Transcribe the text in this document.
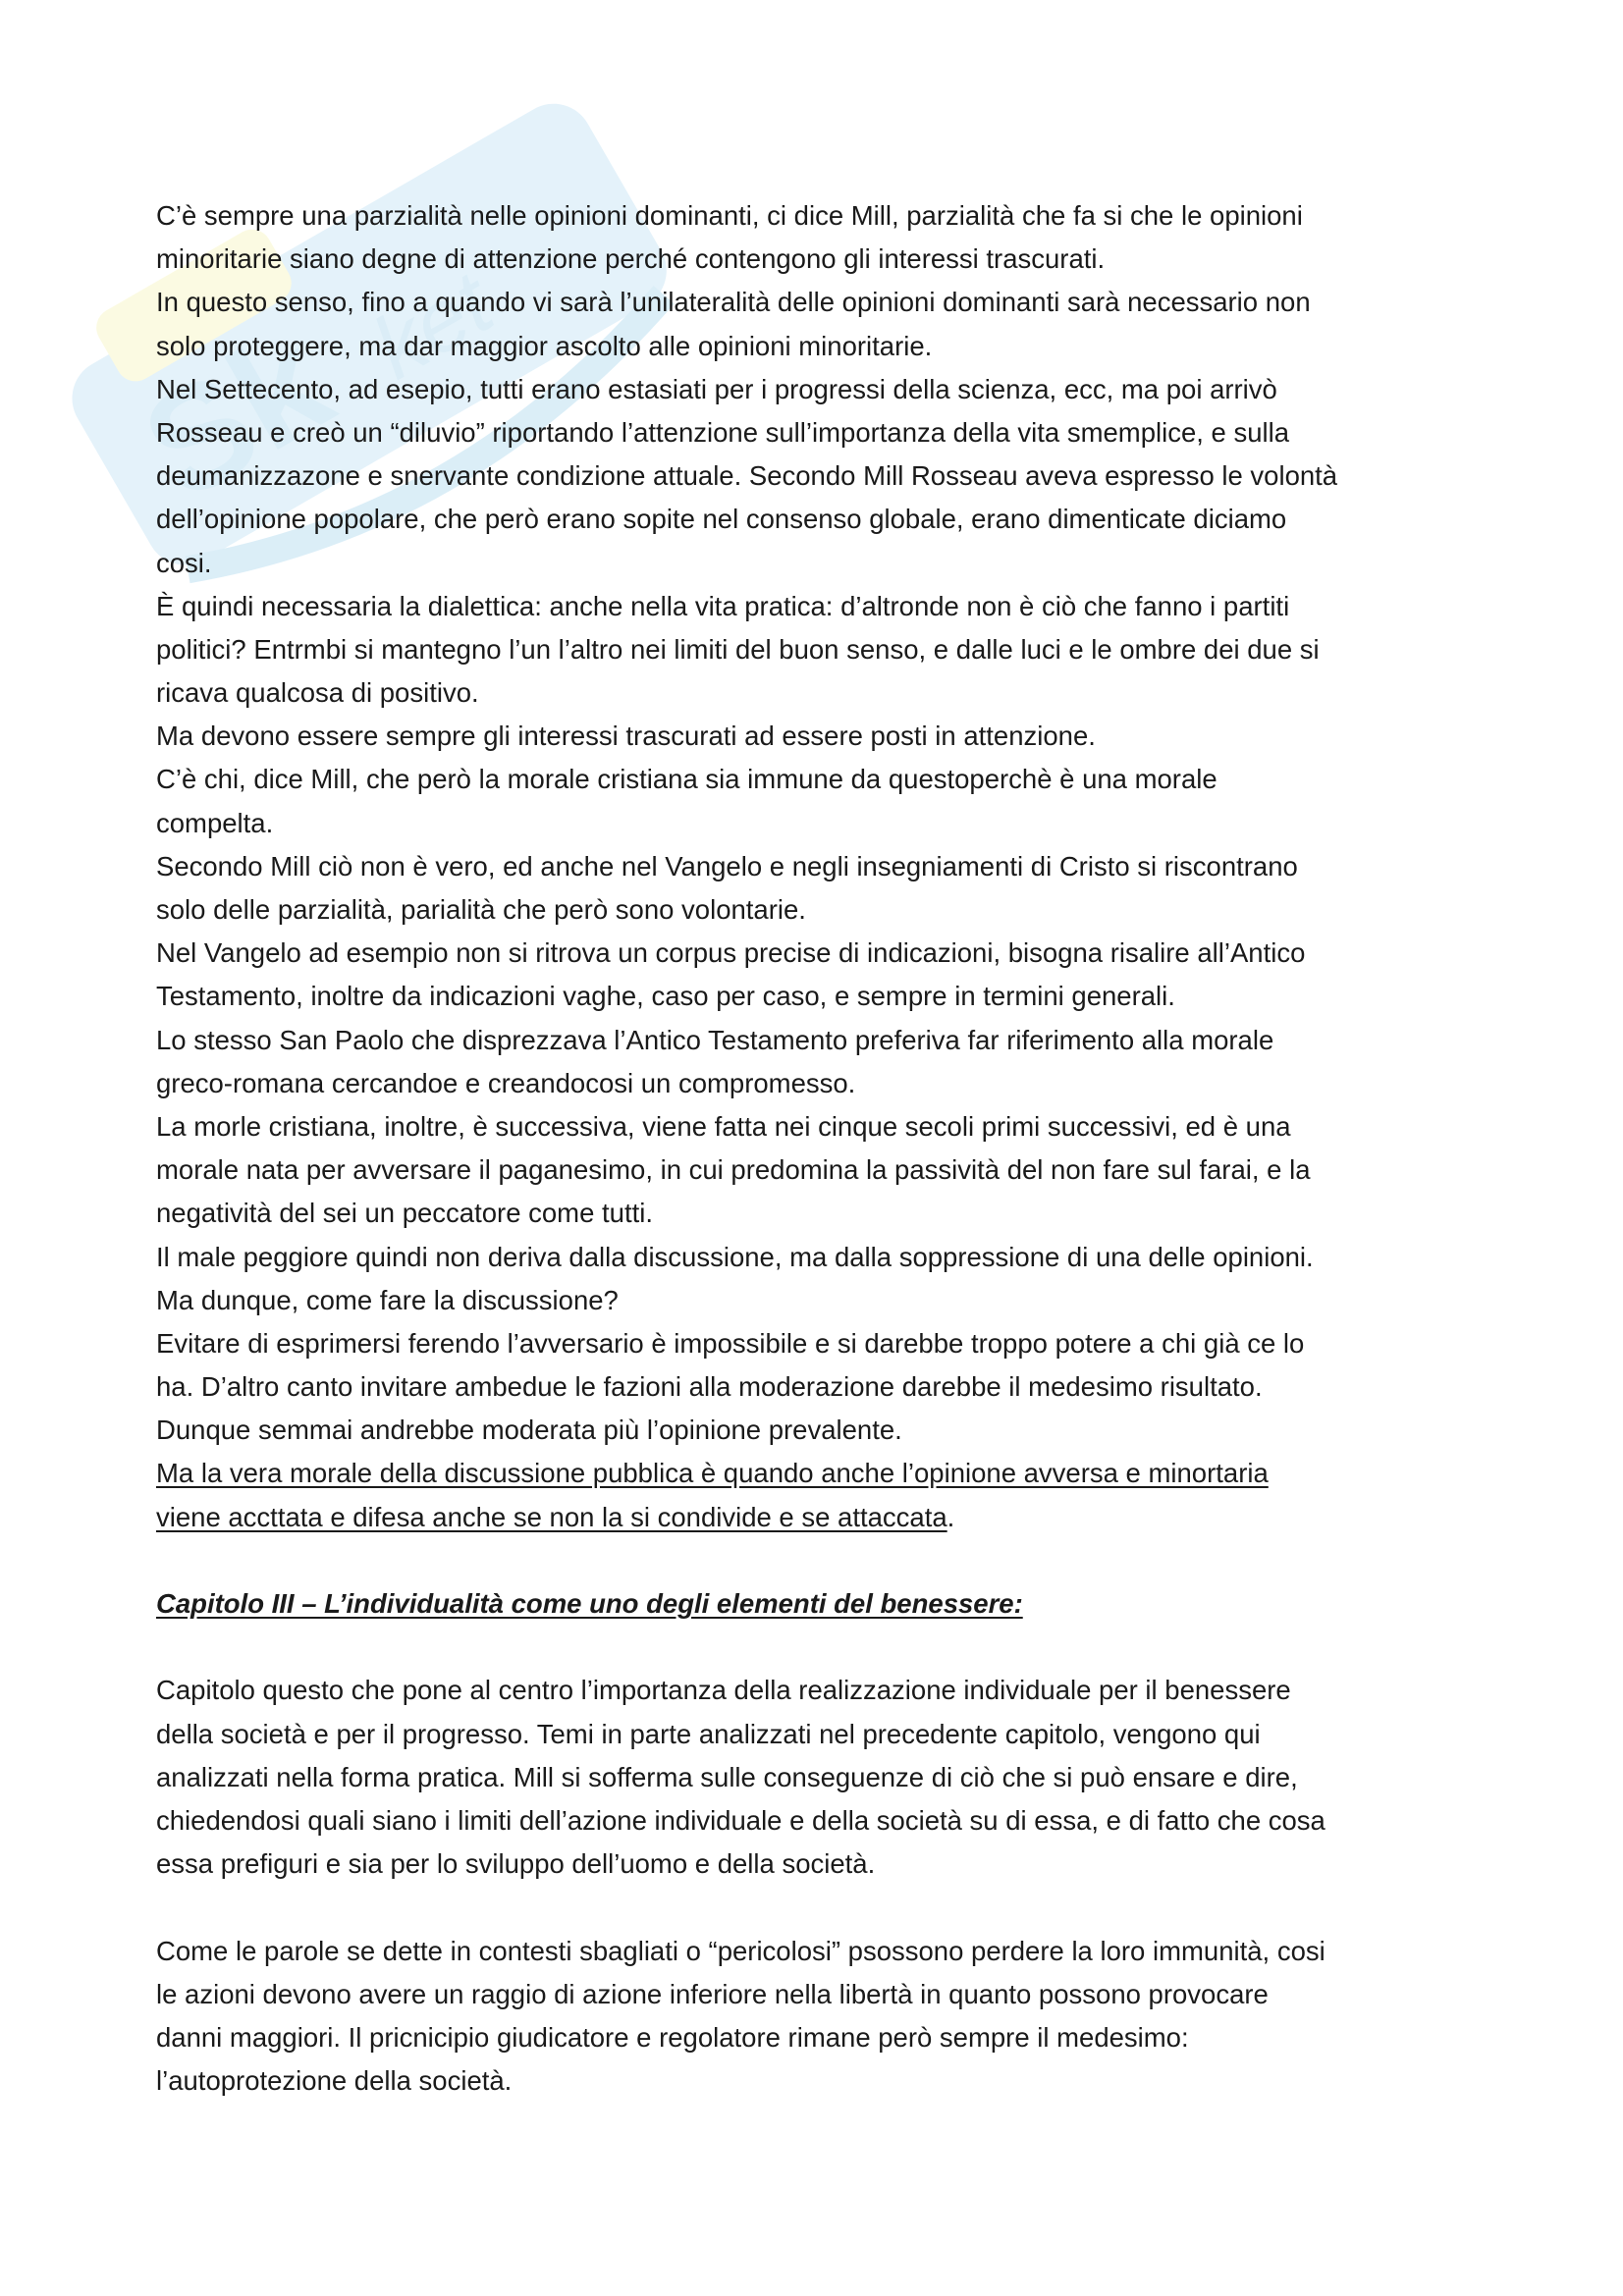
Sk ket
C’è sempre una parzialità nelle opinioni dominanti, ci dice Mill, parzialità che fa si che le opinioni
minoritarie siano degne di attenzione perché contengono gli interessi trascurati.
In questo senso, fino a quando vi sarà l’unilateralità delle opinioni dominanti sarà necessario non
solo proteggere, ma dar maggior ascolto alle opinioni minoritarie.
Nel Settecento, ad esepio, tutti erano estasiati per i progressi della scienza, ecc, ma poi arrivò
Rosseau e creò un “diluvio” riportando l’attenzione sull’importanza della vita smemplice, e sulla
deumanizzazone e snervante condizione attuale. Secondo Mill Rosseau aveva espresso le volontà
dell’opinione popolare, che però erano sopite nel consenso globale, erano dimenticate diciamo
cosi.
È quindi necessaria la dialettica: anche nella vita pratica: d’altronde non è ciò che fanno i partiti
politici? Entrmbi si mantegno l’un l’altro nei limiti del buon senso, e dalle luci e le ombre dei due si
ricava qualcosa di positivo.
Ma devono essere sempre gli interessi trascurati ad essere posti in attenzione.
C’è chi, dice Mill, che però la morale cristiana sia immune da questoperchè è una morale
compelta.
Secondo Mill ciò non è vero, ed anche nel Vangelo e negli insegniamenti di Cristo si riscontrano
solo delle parzialità, parialità che però sono volontarie.
Nel Vangelo ad esempio non si ritrova un corpus precise di indicazioni, bisogna risalire all’Antico
Testamento, inoltre da indicazioni vaghe, caso per caso, e sempre in termini generali.
Lo stesso San Paolo che disprezzava l’Antico Testamento preferiva far riferimento alla morale
greco-romana cercandoe e creandocosi un compromesso.
La morle cristiana, inoltre, è successiva, viene fatta nei cinque secoli primi successivi, ed è una
morale nata per avversare il paganesimo, in cui predomina la passività del non fare sul farai, e la
negatività del sei un peccatore come tutti.
Il male peggiore quindi non deriva dalla discussione, ma dalla soppressione di una delle opinioni.
Ma dunque, come fare la discussione?
Evitare di esprimersi ferendo l’avversario è impossibile e si darebbe troppo potere a chi già ce lo
ha. D’altro canto invitare ambedue le fazioni alla moderazione darebbe il medesimo risultato.
Dunque semmai andrebbe moderata più l’opinione prevalente.
Ma la vera morale della discussione pubblica è quando anche l’opinione avversa e minortaria
viene accttata e difesa anche se non la si condivide e se attaccata.
Capitolo III – L’individualità come uno degli elementi del benessere:
Capitolo questo che pone al centro l’importanza della realizzazione individuale per il benessere
della società e per il progresso. Temi in parte analizzati nel precedente capitolo, vengono qui
analizzati nella forma pratica. Mill si sofferma sulle conseguenze di ciò che si può ensare e dire,
chiedendosi quali siano i limiti dell’azione individuale e della società su di essa, e di fatto che cosa
essa prefiguri e sia per lo sviluppo dell’uomo e della società.
Come le parole se dette in contesti sbagliati o “pericolosi” psossono perdere la loro immunità, cosi
le azioni devono avere un raggio di azione inferiore nella libertà in quanto possono provocare
danni maggiori. Il pricnicipio giudicatore e regolatore rimane però sempre il medesimo:
l’autoprotezione della società.
